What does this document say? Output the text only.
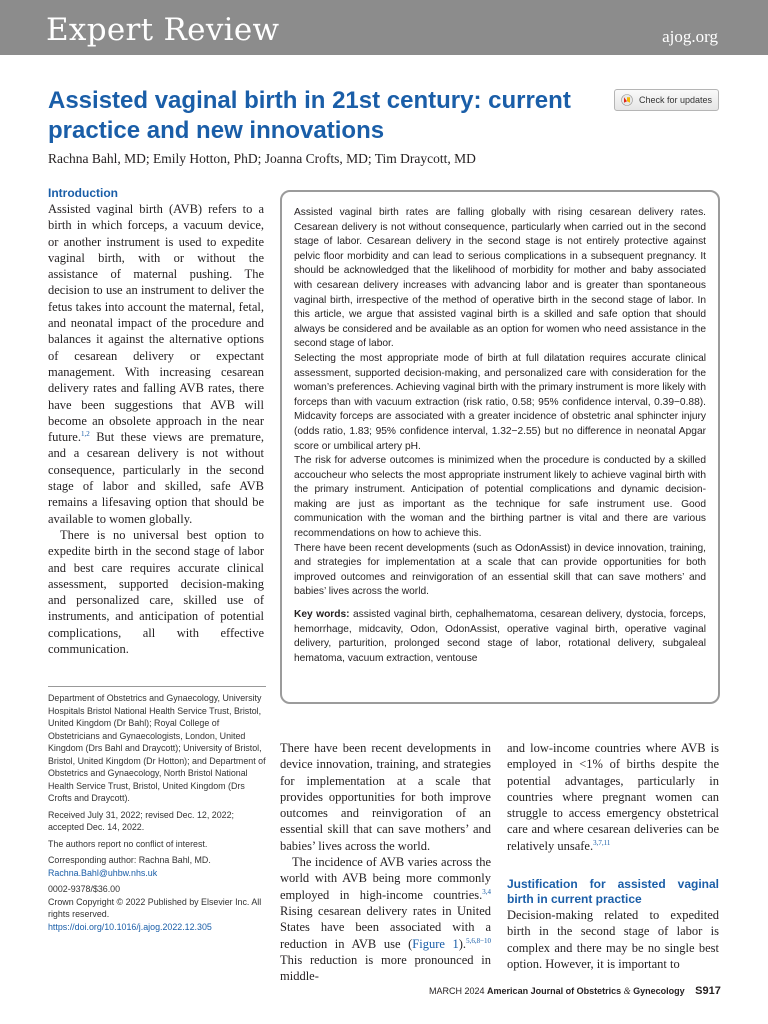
Expert Review	ajog.org
Assisted vaginal birth in 21st century: current practice and new innovations
Check for updates
Rachna Bahl, MD; Emily Hotton, PhD; Joanna Crofts, MD; Tim Draycott, MD
Introduction

Assisted vaginal birth (AVB) refers to a birth in which forceps, a vacuum device, or another instrument is used to expedite vaginal birth, with or without the assistance of maternal pushing. The decision to use an instrument to deliver the fetus takes into account the maternal, fetal, and neonatal impact of the procedure and balances it against the alternative options of cesarean delivery or expectant management. With increasing cesarean delivery rates and falling AVB rates, there have been suggestions that AVB will become an obsolete approach in the near future.$^{1,2}$ But these views are premature, and a cesarean delivery is not without consequence, particularly in the second stage of labor and skilled, safe AVB remains a lifesaving option that should be available to women globally.

There is no universal best option to expedite birth in the second stage of labor and best care requires accurate clinical assessment, supported decision-making and personalized care, skilled use of instruments, and anticipation of potential complications, all with effective communication.

Assisted vaginal birth rates are falling globally with rising cesarean delivery rates. Cesarean delivery is not without consequence, particularly when carried out in the second stage of labor. Cesarean delivery in the second stage is not entirely protective against pelvic floor morbidity and can lead to serious complications in a subsequent pregnancy. It should be acknowledged that the likelihood of morbidity for mother and baby associated with cesarean delivery increases with advancing labor and is greater than spontaneous vaginal birth, irrespective of the method of operative birth in the second stage of labor. In this article, we argue that assisted vaginal birth is a skilled and safe option that should always be considered and be available as an option for women who need assistance in the second stage of labor.

Selecting the most appropriate mode of birth at full dilatation requires accurate clinical assessment, supported decision-making, and personalized care with consideration for the woman’s preferences. Achieving vaginal birth with the primary instrument is more likely with forceps than with vacuum extraction (risk ratio, 0.58; 95% confidence interval, 0.39−0.88). Midcavity forceps are associated with a greater incidence of obstetric anal sphincter injury (odds ratio, 1.83; 95% confidence interval, 1.32−2.55) but no difference in neonatal Apgar score or umbilical artery pH.

The risk for adverse outcomes is minimized when the procedure is conducted by a skilled accoucheur who selects the most appropriate instrument likely to achieve vaginal birth with the primary instrument. Anticipation of potential complications and dynamic decision-making are just as important as the technique for safe instrument use. Good communication with the woman and the birthing partner is vital and there are various recommendations on how to achieve this.

There have been recent developments (such as OdonAssist) in device innovation, training, and strategies for implementation at a scale that can provide opportunities for both improved outcomes and reinvigoration of an essential skill that can save mothers’ and babies’ lives across the world.

Key words: assisted vaginal birth, cephalhematoma, cesarean delivery, dystocia, forceps, hemorrhage, midcavity, Odon, OdonAssist, operative vaginal birth, operative vaginal delivery, parturition, prolonged second stage of labor, rotational delivery, subgaleal hematoma, vacuum extraction, ventouse

Department of Obstetrics and Gynaecology, University Hospitals Bristol National Health Service Trust, Bristol, United Kingdom (Dr Bahl); Royal College of Obstetricians and Gynaecologists, London, United Kingdom (Drs Bahl and Draycott); University of Bristol, Bristol, United Kingdom (Dr Hotton); and Department of Obstetrics and Gynaecology, North Bristol National Health Service Trust, Bristol, United Kingdom (Drs Crofts and Draycott).

Received July 31, 2022; revised Dec. 12, 2022; accepted Dec. 14, 2022.

The authors report no conflict of interest.

Corresponding author: Rachna Bahl, MD.
Rachna.Bahl@uhbw.nhs.uk

0002-9378/$36.00
Crown Copyright © 2022 Published by Elsevier Inc. All rights reserved.
https://doi.org/10.1016/j.ajog.2022.12.305

There have been recent developments in device innovation, training, and strategies for implementation at a scale that provides opportunities for both improve outcomes and reinvigoration of an essential skill that can save mothers’ and babies’ lives across the world.

The incidence of AVB varies across the world with AVB being more commonly employed in high-income countries.$^{3,4}$ Rising cesarean delivery rates in United States have been associated with a reduction in AVB use (Figure 1).$^{5,6,8-10}$ This reduction is more pronounced in middle-

and low-income countries where AVB is employed in <1% of births despite the potential advantages, particularly in countries where pregnant women can struggle to access emergency obstetrical care and where cesarean deliveries can be relatively unsafe.$^{3,7,11}$

Justification for assisted vaginal birth in current practice

Decision-making related to expedited birth in the second stage of labor is complex and there may be no single best option. However, it is important to

MARCH 2024 American Journal of Obstetrics & Gynecology S917
